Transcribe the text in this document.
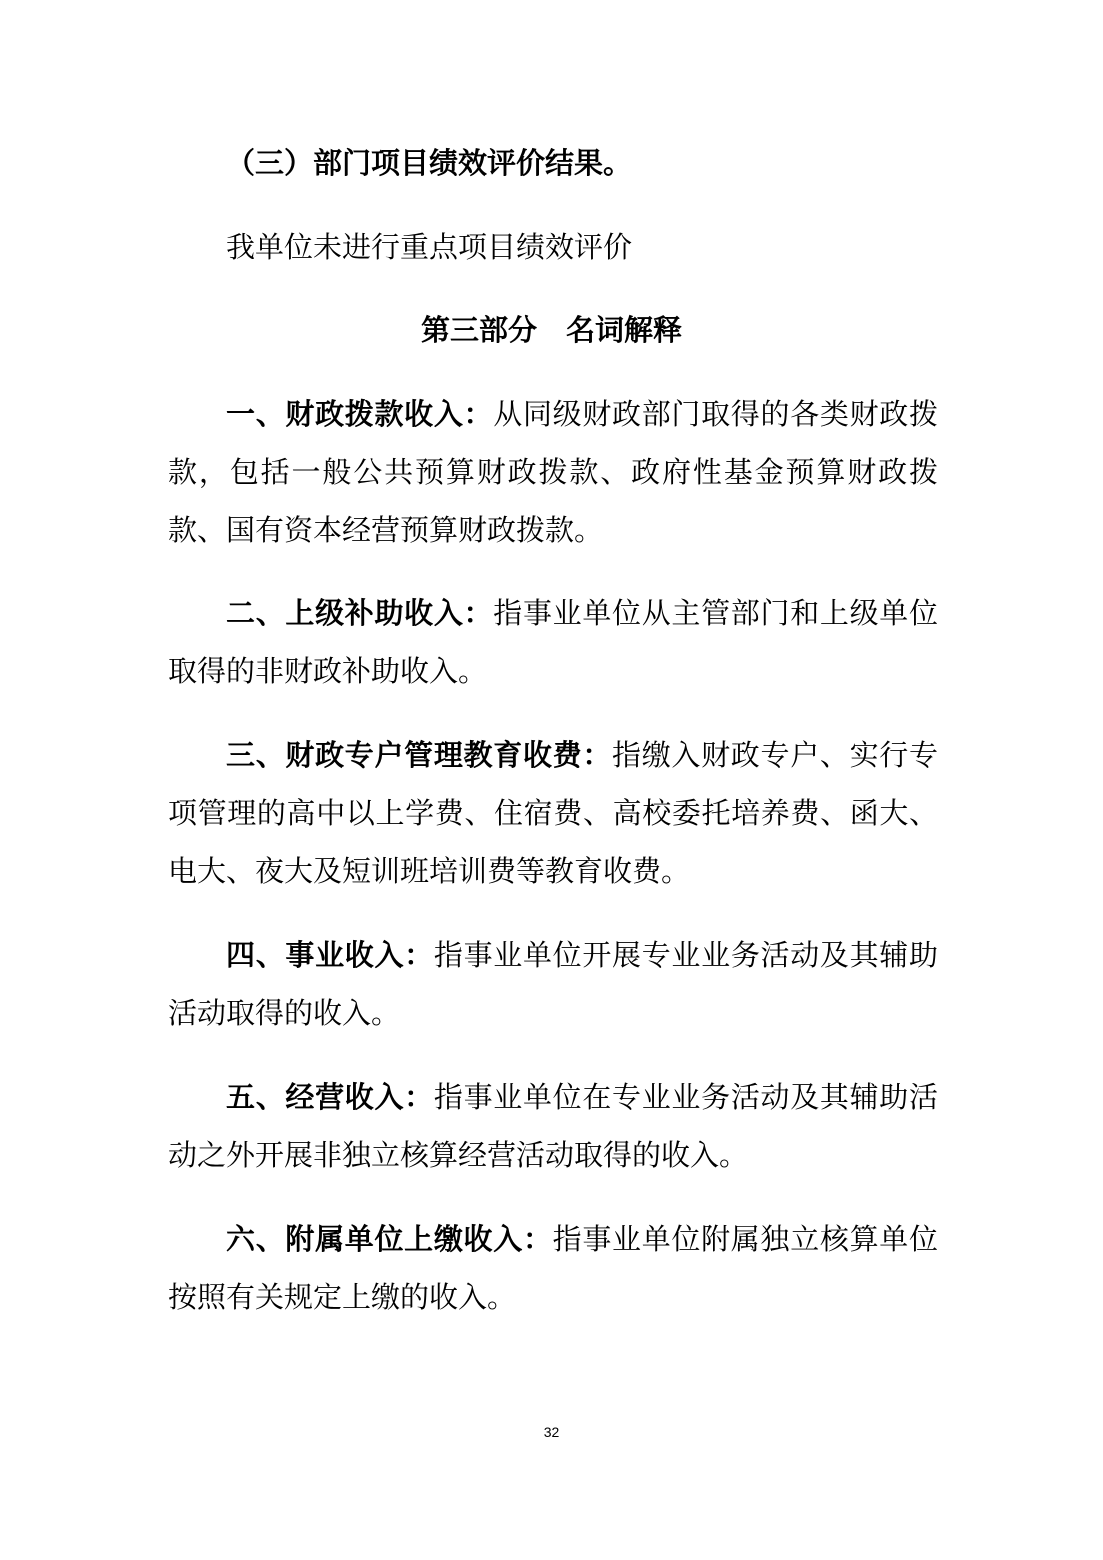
（三）部门项目绩效评价结果。

我单位未进行重点项目绩效评价

第三部分　名词解释

一、财政拨款收入：从同级财政部门取得的各类财政拨款，包括一般公共预算财政拨款、政府性基金预算财政拨款、国有资本经营预算财政拨款。

二、上级补助收入：指事业单位从主管部门和上级单位取得的非财政补助收入。

三、财政专户管理教育收费：指缴入财政专户、实行专项管理的高中以上学费、住宿费、高校委托培养费、函大、电大、夜大及短训班培训费等教育收费。

四、事业收入：指事业单位开展专业业务活动及其辅助活动取得的收入。

五、经营收入：指事业单位在专业业务活动及其辅助活动之外开展非独立核算经营活动取得的收入。

六、附属单位上缴收入：指事业单位附属独立核算单位按照有关规定上缴的收入。

32
